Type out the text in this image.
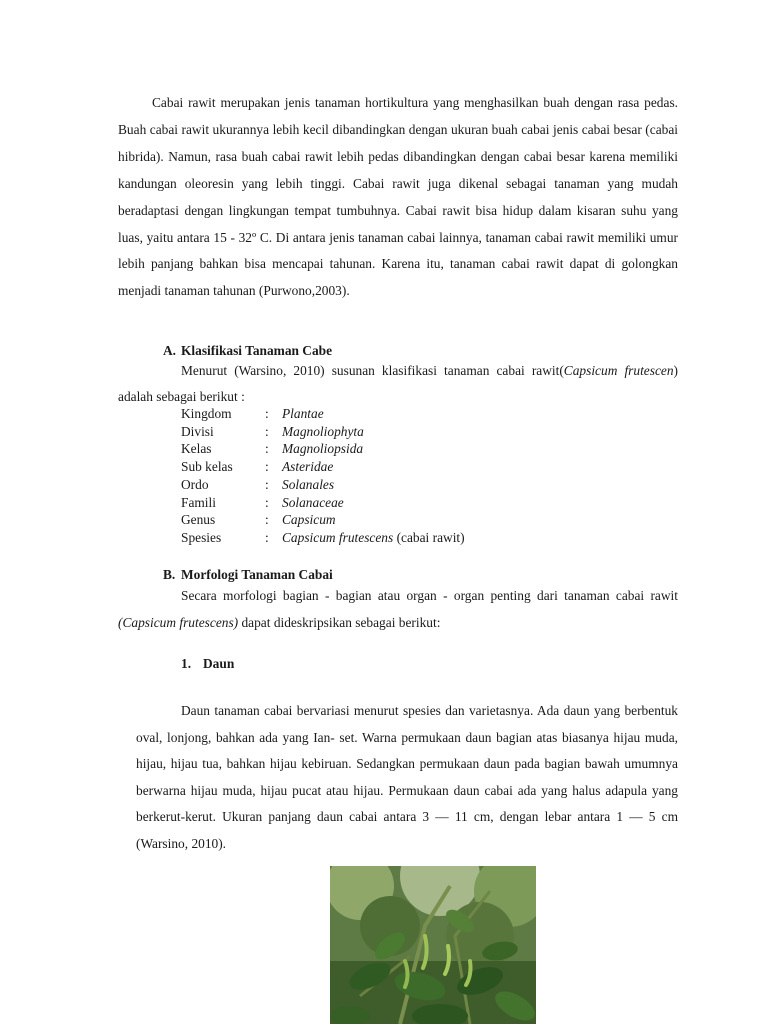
Cabai rawit merupakan jenis tanaman hortikultura yang menghasilkan buah dengan rasa pedas. Buah cabai rawit ukurannya lebih kecil dibandingkan dengan ukuran buah cabai jenis cabai besar (cabai hibrida). Namun, rasa buah cabai rawit lebih pedas dibandingkan dengan cabai besar karena memiliki kandungan oleoresin yang lebih tinggi. Cabai rawit juga dikenal sebagai tanaman yang mudah beradaptasi dengan lingkungan tempat tumbuhnya. Cabai rawit bisa hidup dalam kisaran suhu yang luas, yaitu antara 15 - 32º C. Di antara jenis tanaman cabai lainnya, tanaman cabai rawit memiliki umur lebih panjang bahkan bisa mencapai tahunan. Karena itu, tanaman cabai rawit dapat di golongkan menjadi tanaman tahunan (Purwono,2003).

A. Klasifikasi Tanaman Cabe

Menurut (Warsino, 2010) susunan klasifikasi tanaman cabai rawit(Capsicum frutescen) adalah sebagai berikut :

Kingdom	:	Plantae
Divisi	:	Magnoliophyta
Kelas	:	Magnoliopsida
Sub kelas	:	Asteridae
Ordo	:	Solanales
Famili	:	Solanaceae
Genus	:	Capsicum
Spesies	:	Capsicum frutescens (cabai rawit)
B. Morfologi Tanaman Cabai

Secara morfologi bagian - bagian atau organ - organ penting dari tanaman cabai rawit (Capsicum frutescens) dapat dideskripsikan sebagai berikut:

1. Daun

Daun tanaman cabai bervariasi menurut spesies dan varietasnya. Ada daun yang berbentuk oval, lonjong, bahkan ada yang Ian- set. Warna permukaan daun bagian atas biasanya hijau muda, hijau, hijau tua, bahkan hijau kebiruan. Sedangkan permukaan daun pada bagian bawah umumnya berwarna hijau muda, hijau pucat atau hijau. Permukaan daun cabai ada yang halus adapula yang berkerut-kerut. Ukuran panjang daun cabai antara 3 — 11 cm, dengan lebar antara 1 — 5 cm (Warsino, 2010).
